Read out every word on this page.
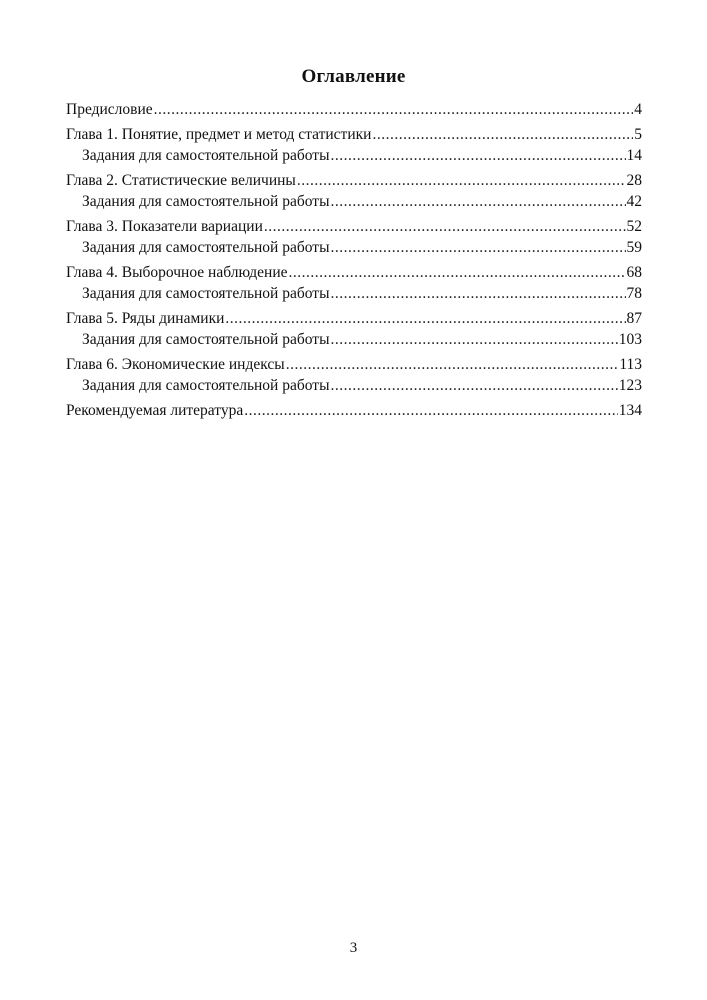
Оглавление
Предисловие .....	4
Глава 1. Понятие, предмет и метод статистики .....	5
Задания для самостоятельной работы .....	14
Глава 2. Статистические величины .....	28
Задания для самостоятельной работы .....	42
Глава 3. Показатели вариации .....	52
Задания для самостоятельной работы .....	59
Глава 4. Выборочное наблюдение .....	68
Задания для самостоятельной работы .....	78
Глава 5. Ряды динамики .....	87
Задания для самостоятельной работы .....	103
Глава 6. Экономические индексы .....	113
Задания для самостоятельной работы .....	123
Рекомендуемая литература .....	134
3
